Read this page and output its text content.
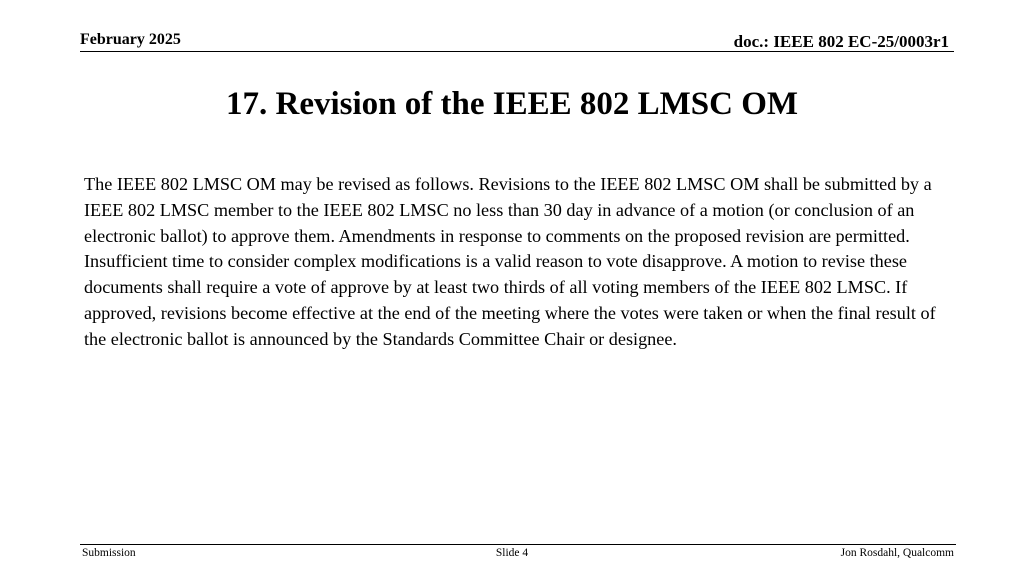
February 2025	doc.: IEEE 802 EC-25/0003r1
17. Revision of the IEEE 802 LMSC OM
The IEEE 802 LMSC OM may be revised as follows. Revisions to the IEEE 802 LMSC OM shall be submitted by a IEEE 802 LMSC member to the IEEE 802 LMSC no less than 30 day in advance of a motion (or conclusion of an electronic ballot) to approve them. Amendments in response to comments on the proposed revision are permitted. Insufficient time to consider complex modifications is a valid reason to vote disapprove. A motion to revise these documents shall require a vote of approve by at least two thirds of all voting members of the IEEE 802 LMSC. If approved, revisions become effective at the end of the meeting where the votes were taken or when the final result of the electronic ballot is announced by the Standards Committee Chair or designee.
Submission	Slide 4	Jon Rosdahl, Qualcomm
